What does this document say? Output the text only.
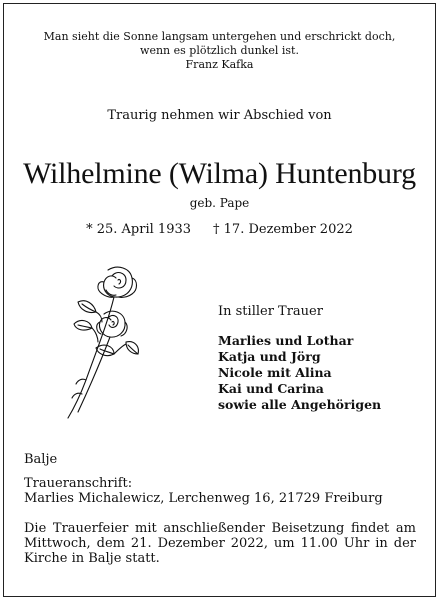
Man sieht die Sonne langsam untergehen und erschrickt doch,
wenn es plötzlich dunkel ist.
Franz Kafka
Traurig nehmen wir Abschied von
Wilhelmine (Wilma) Huntenburg
geb. Pape
* 25. April 1933 † 17. Dezember 2022
In stiller Trauer
Marlies und Lothar
Katja und Jörg
Nicole mit Alina
Kai und Carina
sowie alle Angehörigen
Balje
Traueranschrift:
Marlies Michalewicz, Lerchenweg 16, 21729 Freiburg
Die Trauerfeier mit anschließender Beisetzung findet am Mittwoch, dem 21. Dezember 2022, um 11.00 Uhr in der Kirche in Balje statt.
